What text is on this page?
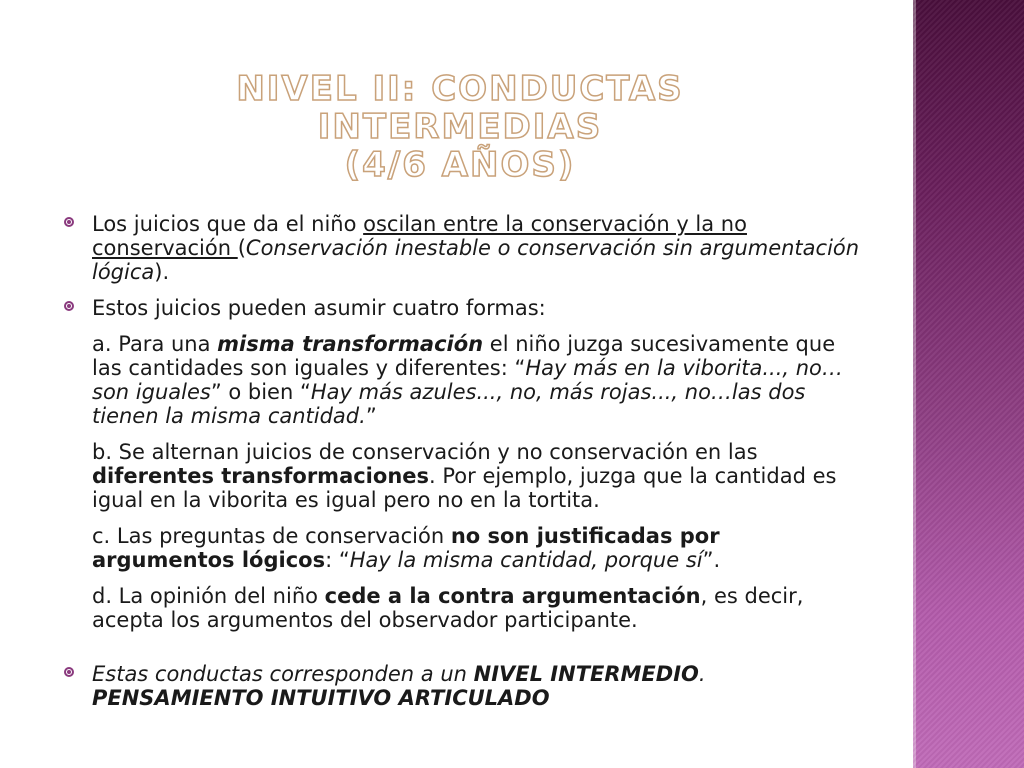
NIVEL II: CONDUCTAS INTERMEDIAS
(4/6 AÑOS)
Los juicios que da el niño oscilan entre la conservación y la no conservación (Conservación inestable o conservación sin argumentación lógica).
Estos juicios pueden asumir cuatro formas:
a. Para una misma transformación el niño juzga sucesivamente que las cantidades son iguales y diferentes: “Hay más en la viborita..., no… son iguales” o bien “Hay más azules..., no, más rojas..., no…las dos tienen la misma cantidad.”
b. Se alternan juicios de conservación y no conservación en las diferentes transformaciones. Por ejemplo, juzga que la cantidad es igual en la viborita es igual pero no en la tortita.
c. Las preguntas de conservación no son justificadas por argumentos lógicos: “Hay la misma cantidad, porque sí”.
d. La opinión del niño cede a la contra argumentación, es decir, acepta los argumentos del observador participante.
Estas conductas corresponden a un NIVEL INTERMEDIO. PENSAMIENTO INTUITIVO ARTICULADO
